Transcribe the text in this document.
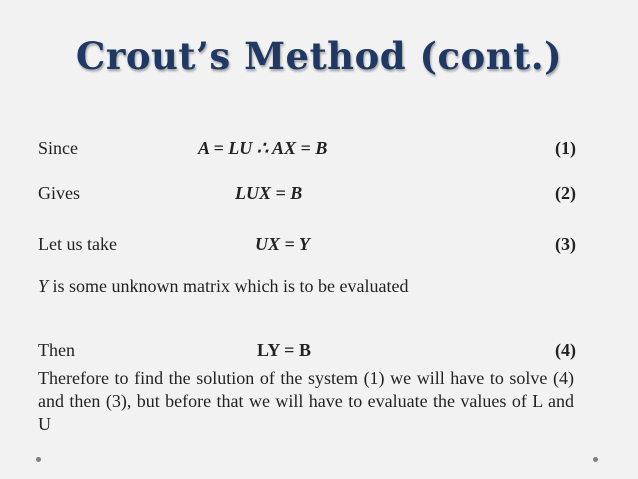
Crout’s Method (cont.)
Since	A = LU ∴ AX = B	(1)
Gives	LUX = B	(2)
Let us take	UX = Y	(3)
Y is some unknown matrix which is to be evaluated
Then	LY = B	(4)
Therefore to find the solution of the system (1) we will have to solve (4) and then (3), but before that we will have to evaluate the values of L and U
